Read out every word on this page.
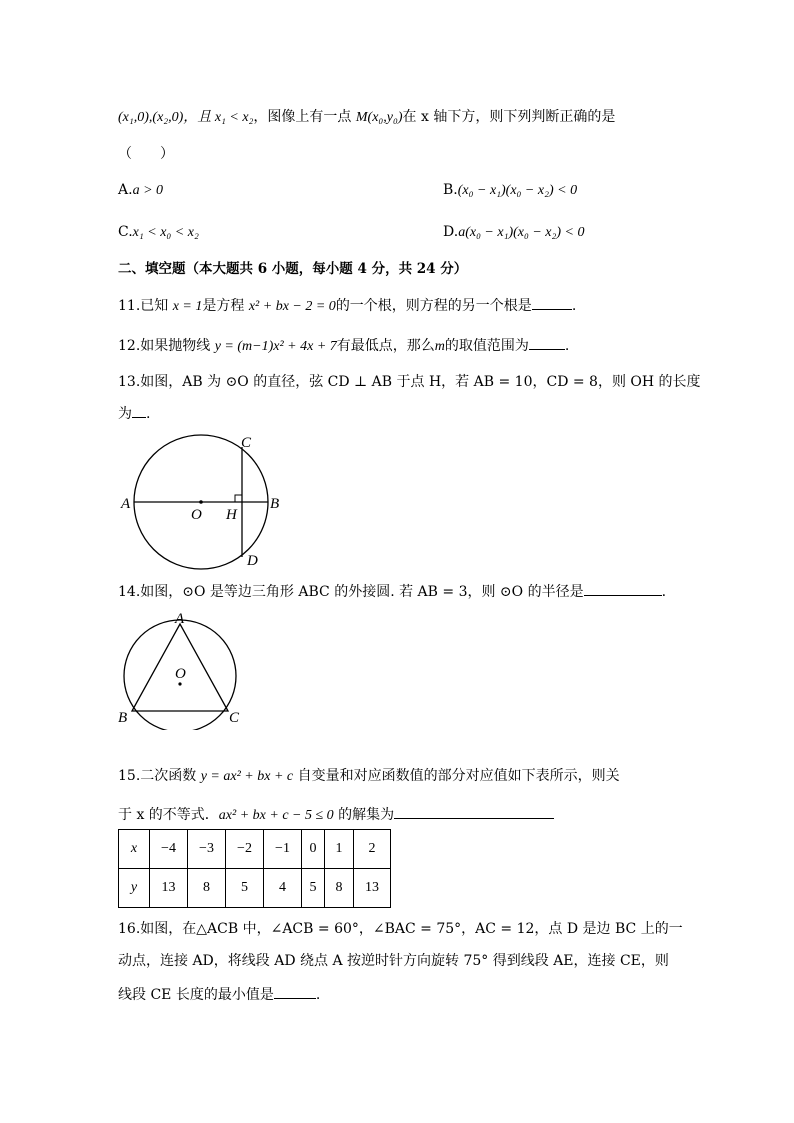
(x₁,0),(x₂,0)，且 x₁ < x₂，图像上有一点 M(x₀,y₀)在 x 轴下方，则下列判断正确的是
（　　）
A.a > 0	B.(x₀ − x₁)(x₀ − x₂) < 0
C.x₁ < x₀ < x₂	D.a(x₀ − x₁)(x₀ − x₂) < 0
二、填空题（本大题共 6 小题，每小题 4 分，共 24 分）
11.已知 x = 1是方程 x² + bx − 2 = 0的一个根，则方程的另一个根是	.
12.如果抛物线 y = (m−1)x² + 4x + 7有最低点，那么m的取值范围为	.
13.如图，AB 为 ⊙O 的直径，弦 CD ⊥ AB 于点 H，若 AB = 10，CD = 8，则 OH 的长度
为 .
A	B
C
D
O H
14.如图，⊙O 是等边三角形 ABC 的外接圆. 若 AB = 3，则 ⊙O 的半径是	.
A
B	C
O
15.二次函数 y = ax² + bx + c 自变量和对应函数值的部分对应值如下表所示，则关
于 x 的不等式．ax² + bx + c − 5 ≤ 0 的解集为
x	−4	−3	−2	−1	0	1	2
y	13	8	5	4	5	8	13
16.如图，在△ACB 中，∠ACB = 60°，∠BAC = 75°，AC = 12，点 D 是边 BC 上的一
动点，连接 AD，将线段 AD 绕点 A 按逆时针方向旋转 75° 得到线段 AE，连接 CE，则
线段 CE 长度的最小值是	.
